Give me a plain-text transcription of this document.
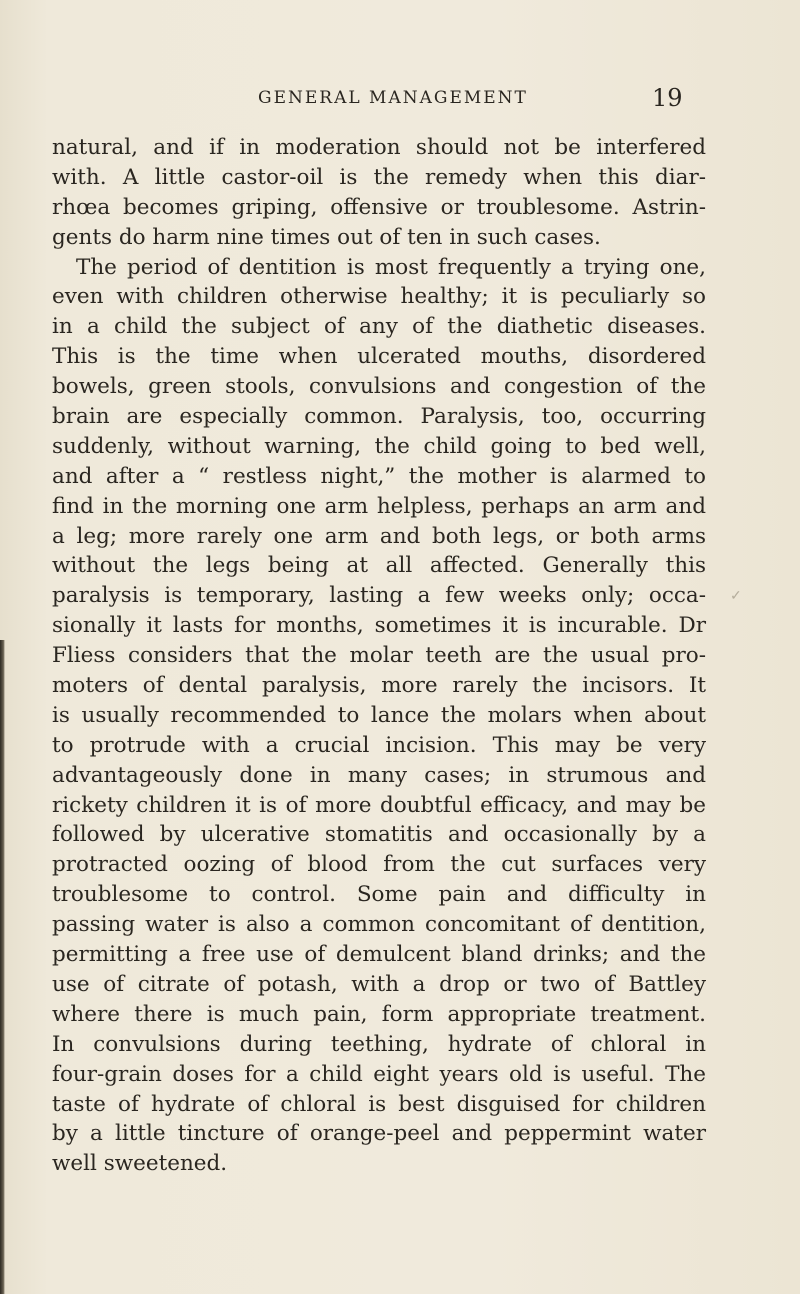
GENERAL MANAGEMENT	19
natural, and if in moderation should not be interfered
with. A little castor-oil is the remedy when this diar-
rhœa becomes griping, offensive or troublesome. Astrin-
gents do harm nine times out of ten in such cases.
The period of dentition is most frequently a trying one,
even with children otherwise healthy; it is peculiarly so
in a child the subject of any of the diathetic diseases.
This is the time when ulcerated mouths, disordered
bowels, green stools, convulsions and congestion of the
brain are especially common. Paralysis, too, occurring
suddenly, without warning, the child going to bed well,
and after a “ restless night,” the mother is alarmed to
find in the morning one arm helpless, perhaps an arm and
a leg; more rarely one arm and both legs, or both arms
without the legs being at all affected. Generally this
paralysis is temporary, lasting a few weeks only; occa-
sionally it lasts for months, sometimes it is incurable. Dr
Fliess considers that the molar teeth are the usual pro-
moters of dental paralysis, more rarely the incisors. It
is usually recommended to lance the molars when about
to protrude with a crucial incision. This may be very
advantageously done in many cases; in strumous and
rickety children it is of more doubtful efficacy, and may be
followed by ulcerative stomatitis and occasionally by a
protracted oozing of blood from the cut surfaces very
troublesome to control. Some pain and difficulty in
passing water is also a common concomitant of dentition,
permitting a free use of demulcent bland drinks; and the
use of citrate of potash, with a drop or two of Battley
where there is much pain, form appropriate treatment.
In convulsions during teething, hydrate of chloral in
four-grain doses for a child eight years old is useful. The
taste of hydrate of chloral is best disguised for children
by a little tincture of orange-peel and peppermint water
well sweetened.
✓
